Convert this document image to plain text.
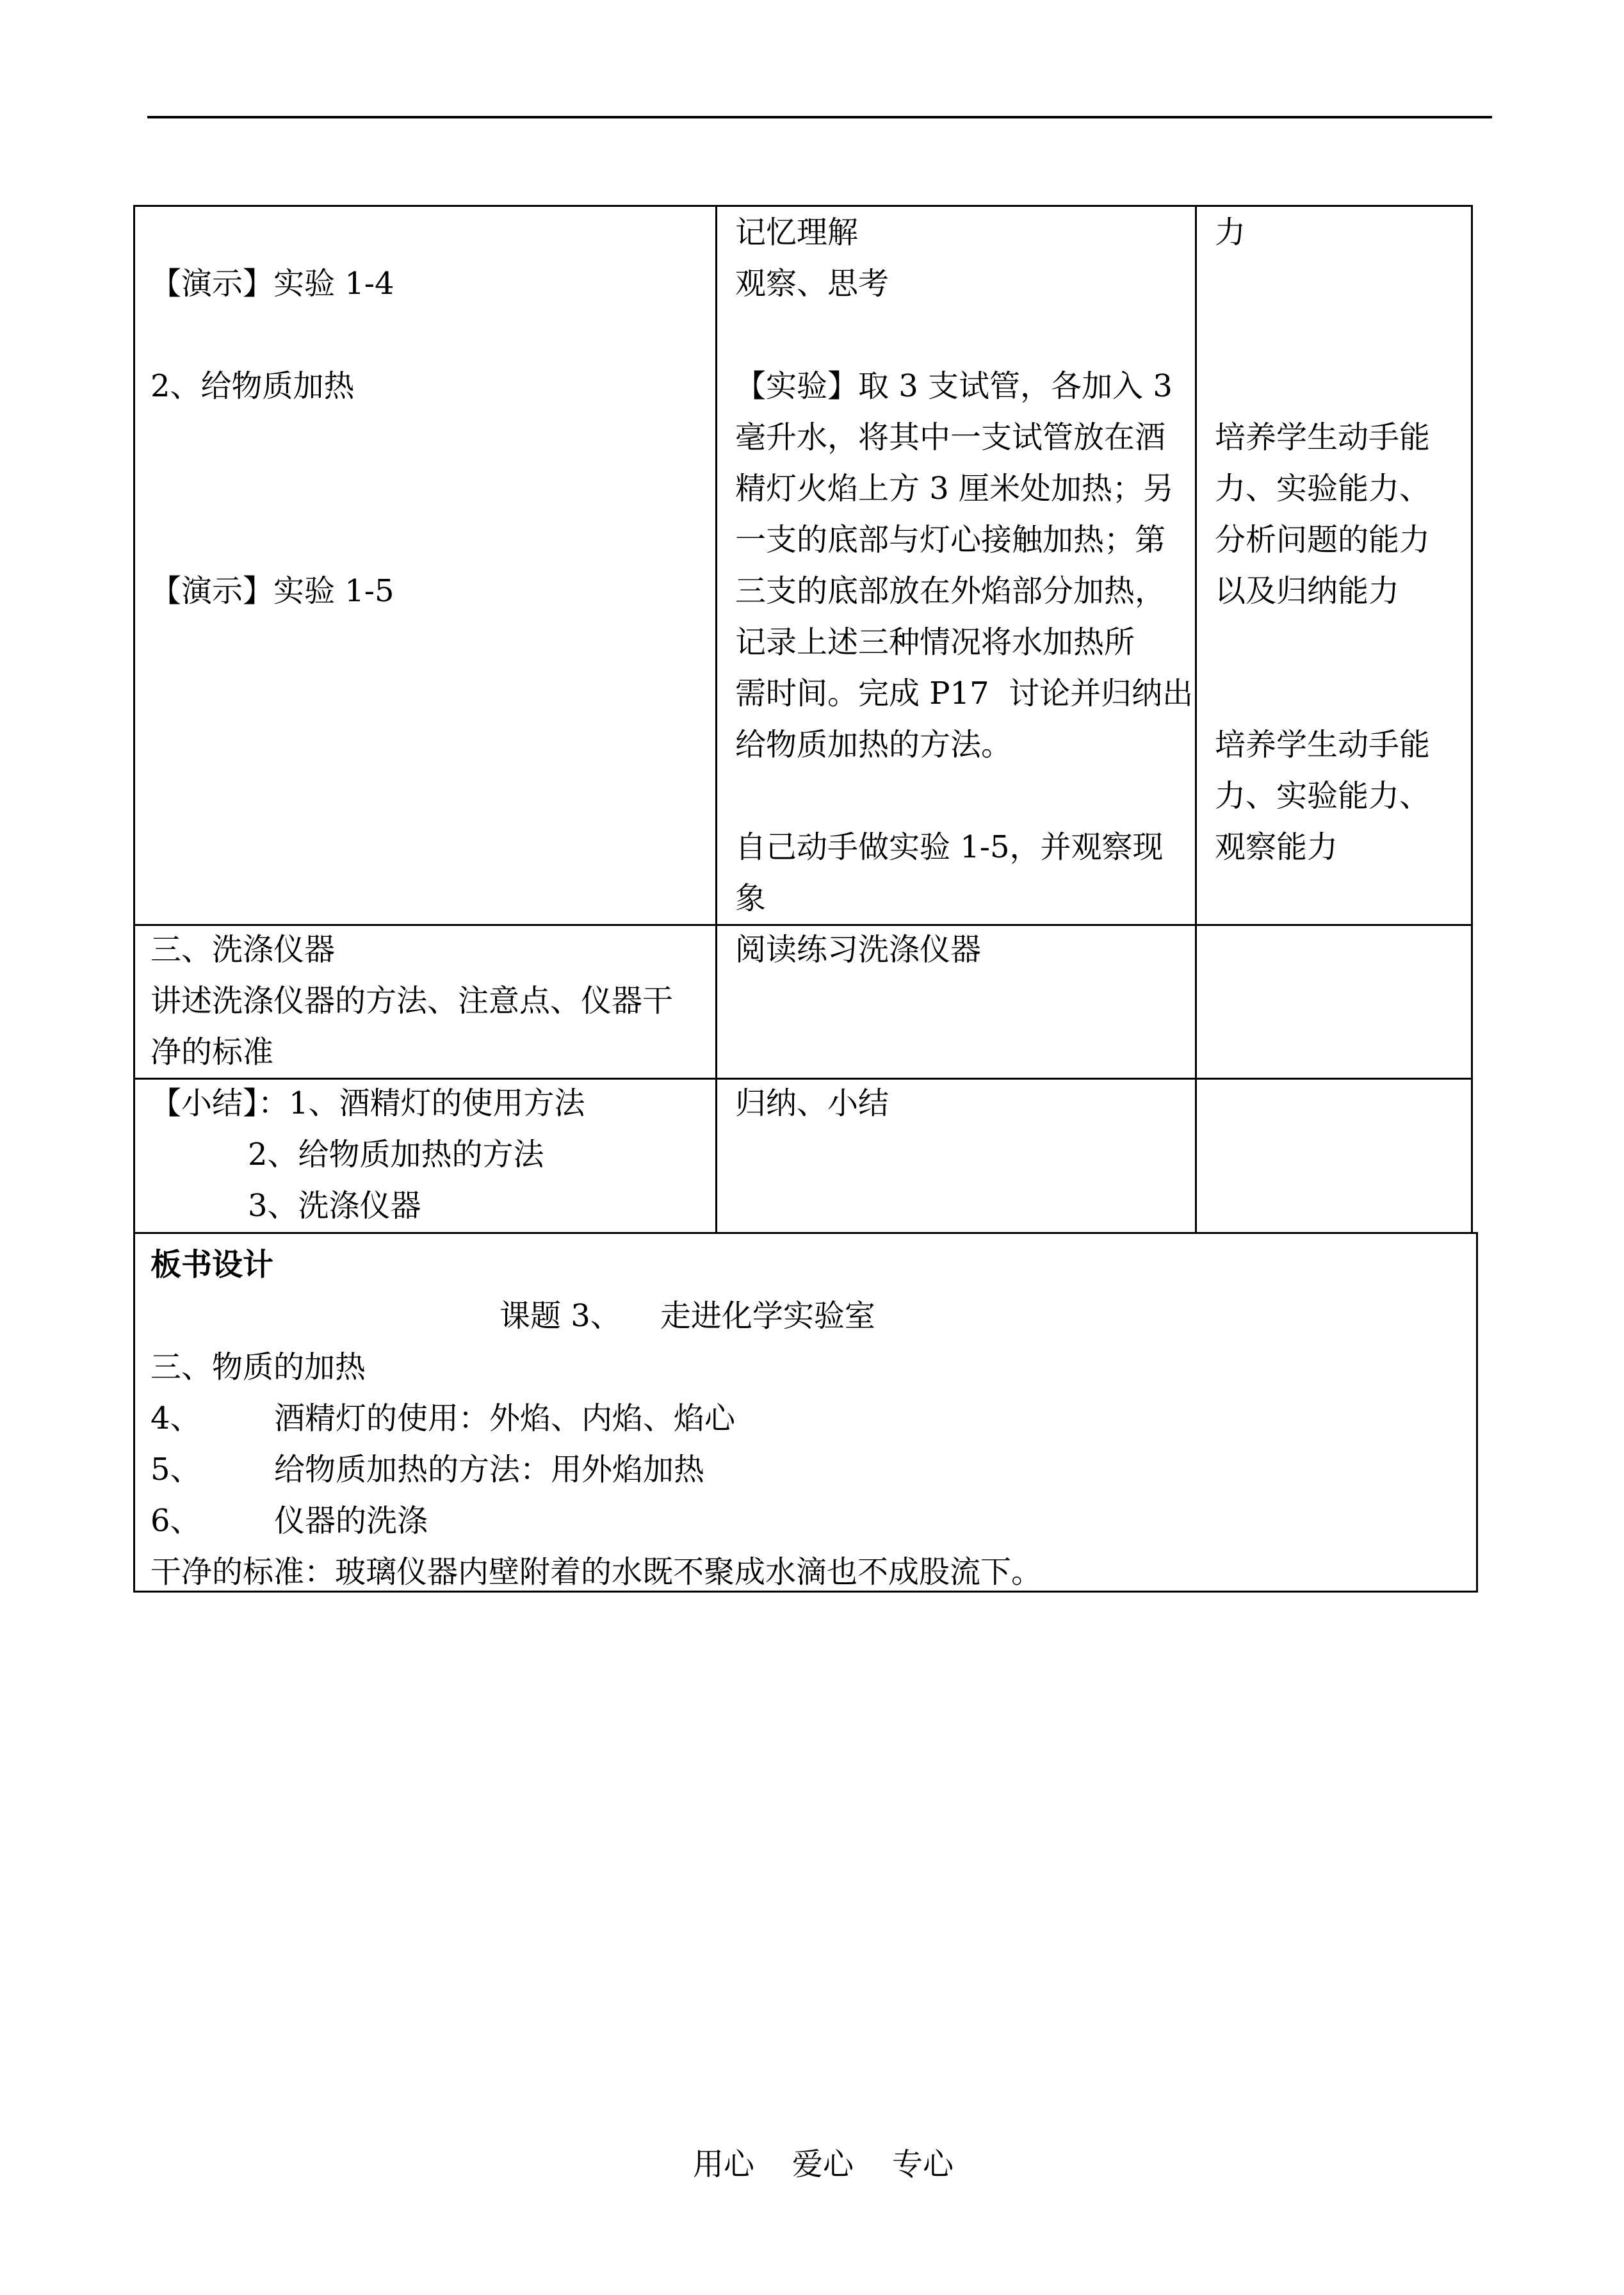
【演示】实验 1-4
2、给物质加热
【演示】实验 1-5
记忆理解
观察、思考
【实验】取 3 支试管，各加入 3
毫升水，将其中一支试管放在酒
精灯火焰上方 3 厘米处加热；另
一支的底部与灯心接触加热；第
三支的底部放在外焰部分加热，
记录上述三种情况将水加热所
需时间。完成 P17  讨论并归纳出
给物质加热的方法。
自己动手做实验 1-5，并观察现
象
力
培养学生动手能
力、实验能力、
分析问题的能力
以及归纳能力
培养学生动手能
力、实验能力、
观察能力
三、洗涤仪器
讲述洗涤仪器的方法、注意点、仪器干
净的标准
阅读练习洗涤仪器
【小结】：1、酒精灯的使用方法
2、给物质加热的方法
3、洗涤仪器
归纳、小结
板书设计
课题 3、    走进化学实验室
三、物质的加热
4、 酒精灯的使用：外焰、内焰、焰心
5、 给物质加热的方法：用外焰加热
6、 仪器的洗涤
干净的标准：玻璃仪器内壁附着的水既不聚成水滴也不成股流下。
用心 爱心 专心
